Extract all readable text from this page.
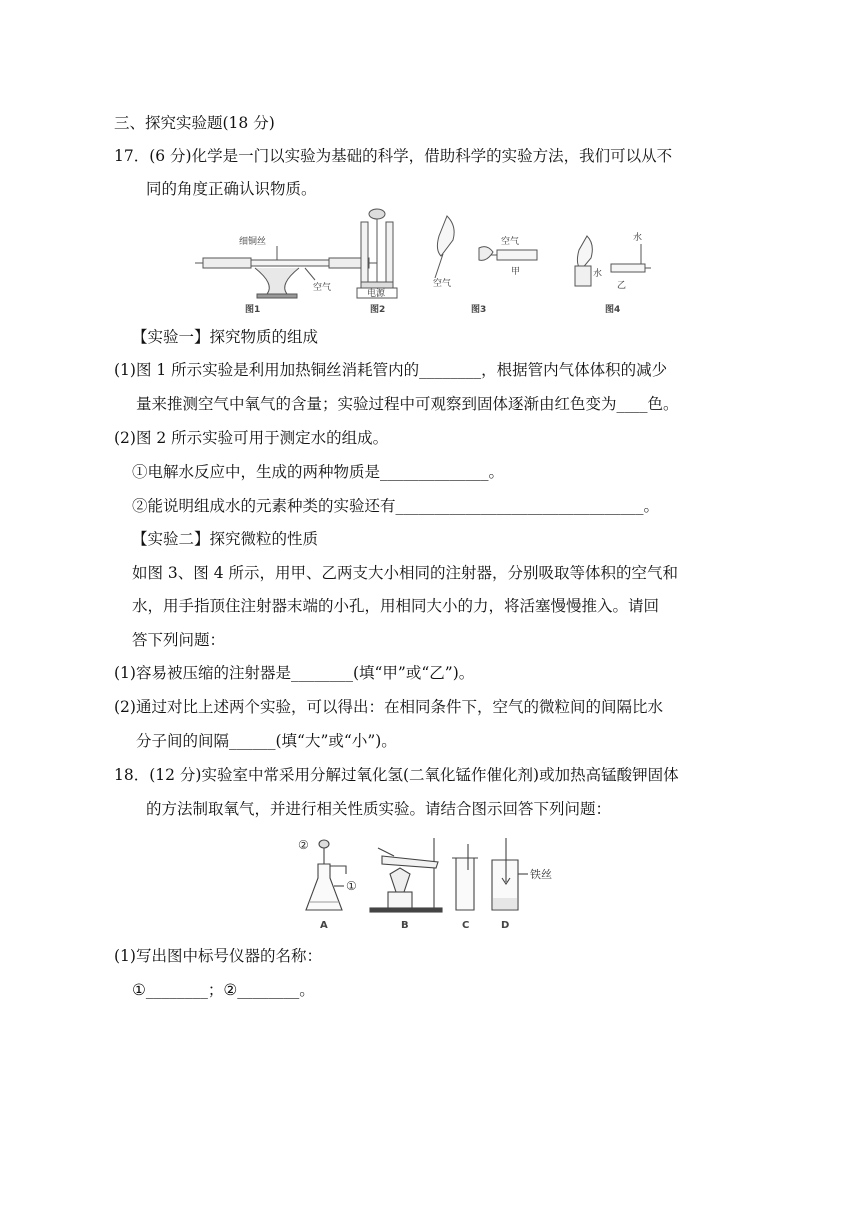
三、探究实验题(18 分)
17．(6 分)化学是一门以实验为基础的科学，借助科学的实验方法，我们可以从不
同的角度正确认识物质。
细铜丝
空气
图1
电源
图2
空气
空气
甲
图3
水
水
乙
图4
【实验一】探究物质的组成
(1)图 1 所示实验是利用加热铜丝消耗管内的________，根据管内气体体积的减少
量来推测空气中氧气的含量；实验过程中可观察到固体逐渐由红色变为____色。
(2)图 2 所示实验可用于测定水的组成。
①电解水反应中，生成的两种物质是______________。
②能说明组成水的元素种类的实验还有________________________________。
【实验二】探究微粒的性质
如图 3、图 4 所示，用甲、乙两支大小相同的注射器，分别吸取等体积的空气和
水，用手指顶住注射器末端的小孔，用相同大小的力，将活塞慢慢推入。请回
答下列问题：
(1)容易被压缩的注射器是________(填“甲”或“乙”)。
(2)通过对比上述两个实验，可以得出：在相同条件下，空气的微粒间的间隔比水
分子间的间隔______(填“大”或“小”)。
18．(12 分)实验室中常采用分解过氧化氢(二氧化锰作催化剂)或加热高锰酸钾固体
的方法制取氧气，并进行相关性质实验。请结合图示回答下列问题：
②
①
铁丝
A	B	C	D
(1)写出图中标号仪器的名称：
①________；②________。
